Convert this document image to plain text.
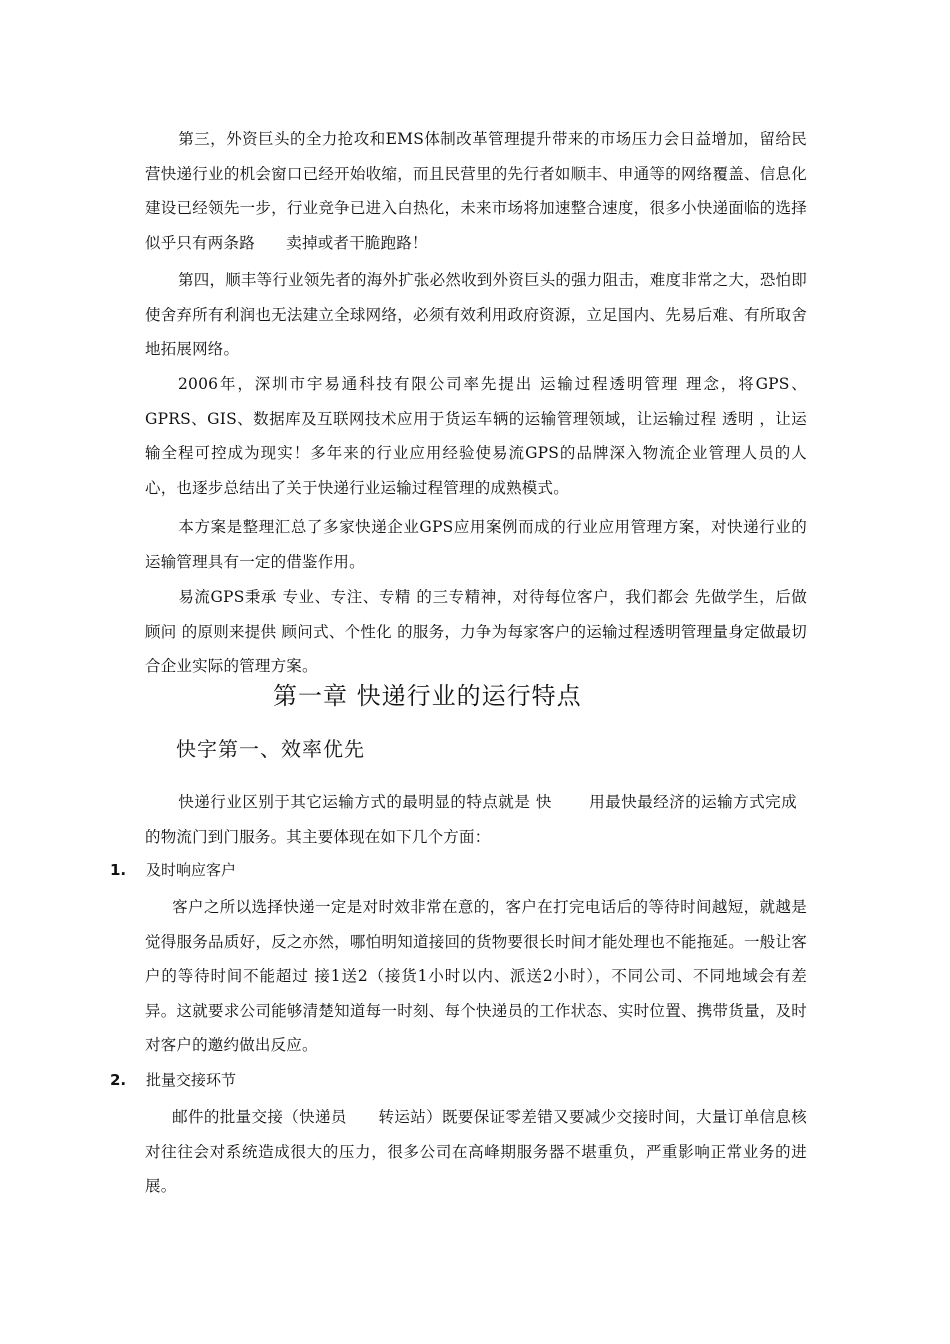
第三，外资巨头的全力抢攻和EMS体制改革管理提升带来的市场压力会日益增加，留给民营快递行业的机会窗口已经开始收缩，而且民营里的先行者如顺丰、申通等的网络覆盖、信息化建设已经领先一步，行业竞争已进入白热化，未来市场将加速整合速度，很多小快递面临的选择似乎只有两条路　　卖掉或者干脆跑路！

第四，顺丰等行业领先者的海外扩张必然收到外资巨头的强力阻击，难度非常之大，恐怕即使舍弃所有利润也无法建立全球网络，必须有效利用政府资源，立足国内、先易后难、有所取舍地拓展网络。

2006年，深圳市宇易通科技有限公司率先提出 运输过程透明管理 理念，将GPS、GPRS、GIS、数据库及互联网技术应用于货运车辆的运输管理领域，让运输过程 透明 ，让运输全程可控成为现实！多年来的行业应用经验使易流GPS的品牌深入物流企业管理人员的人心，也逐步总结出了关于快递行业运输过程管理的成熟模式。

本方案是整理汇总了多家快递企业GPS应用案例而成的行业应用管理方案，对快递行业的运输管理具有一定的借鉴作用。

易流GPS秉承 专业、专注、专精 的三专精神，对待每位客户，我们都会 先做学生，后做顾问 的原则来提供 顾问式、个性化 的服务，力争为每家客户的运输过程透明管理量身定做最切合企业实际的管理方案。

第一章 快递行业的运行特点
快字第一、效率优先

快递行业区别于其它运输方式的最明显的特点就是 快　　 用最快最经济的运输方式完成的物流门到门服务。其主要体现在如下几个方面：

1. 及时响应客户

客户之所以选择快递一定是对时效非常在意的，客户在打完电话后的等待时间越短，就越是觉得服务品质好，反之亦然，哪怕明知道接回的货物要很长时间才能处理也不能拖延。一般让客户的等待时间不能超过 接1送2（接货1小时以内、派送2小时），不同公司、不同地域会有差异。这就要求公司能够清楚知道每一时刻、每个快递员的工作状态、实时位置、携带货量，及时对客户的邀约做出反应。

2. 批量交接环节

邮件的批量交接（快递员　　转运站）既要保证零差错又要减少交接时间，大量订单信息核对往往会对系统造成很大的压力，很多公司在高峰期服务器不堪重负，严重影响正常业务的进展。
